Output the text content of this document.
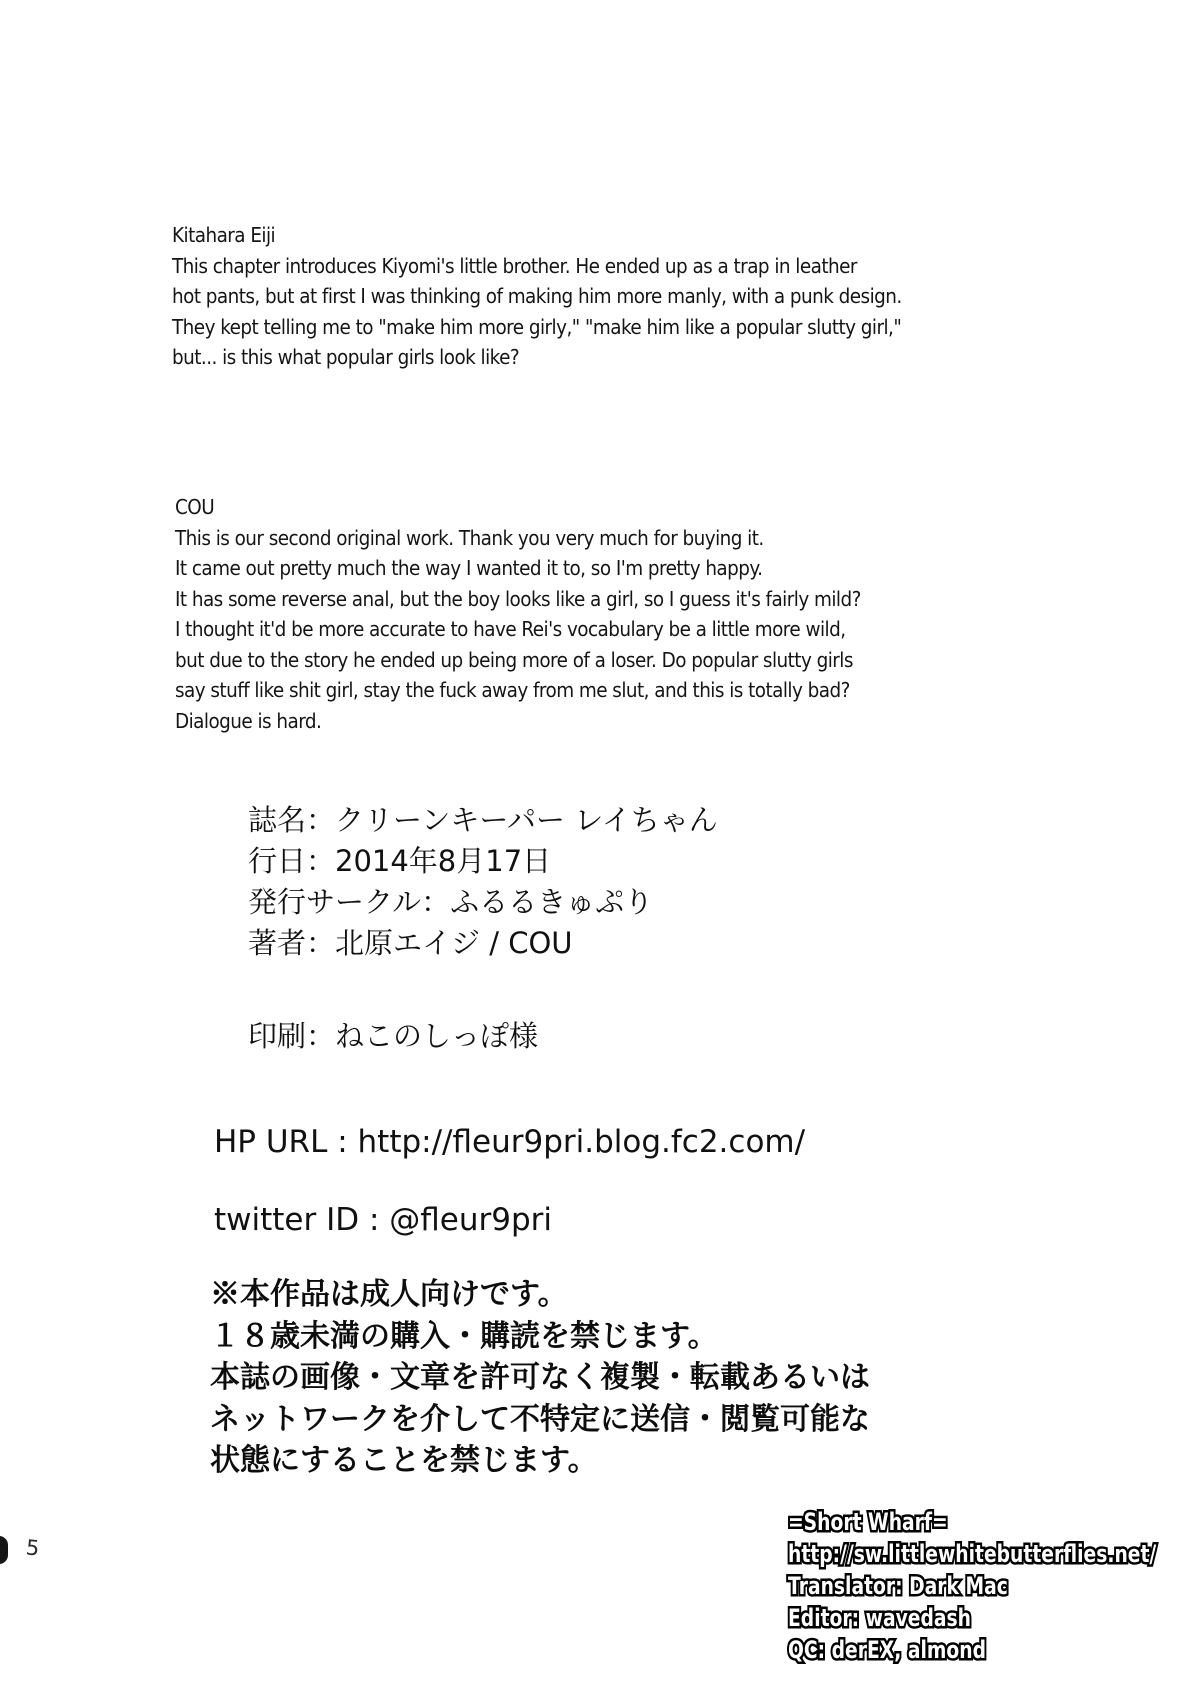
Kitahara Eiji
This chapter introduces Kiyomi's little brother. He ended up as a trap in leather
hot pants, but at first I was thinking of making him more manly, with a punk design.
They kept telling me to "make him more girly," "make him like a popular slutty girl,"
but... is this what popular girls look like?
COU
This is our second original work. Thank you very much for buying it.
It came out pretty much the way I wanted it to, so I'm pretty happy.
It has some reverse anal, but the boy looks like a girl, so I guess it's fairly mild?
I thought it'd be more accurate to have Rei's vocabulary be a little more wild,
but due to the story he ended up being more of a loser. Do popular slutty girls
say stuff like shit girl, stay the fuck away from me slut, and this is totally bad?
Dialogue is hard.
誌名：クリーンキーパー レイちゃん
行日：2014年8月17日
発行サークル：ふるるきゅぷり
著者：北原エイジ / COU
印刷：ねこのしっぽ様
HP URL : http://fleur9pri.blog.fc2.com/
twitter ID : @fleur9pri
※本作品は成人向けです。
１８歳未満の購入・購読を禁じます。
本誌の画像・文章を許可なく複製・転載あるいは
ネットワークを介して不特定に送信・閲覧可能な
状態にすることを禁じます。
=Short Wharf=
http://sw.littlewhitebutterflies.net/
Translator: Dark Mac
Editor: wavedash
QC: derEX, almond
5
